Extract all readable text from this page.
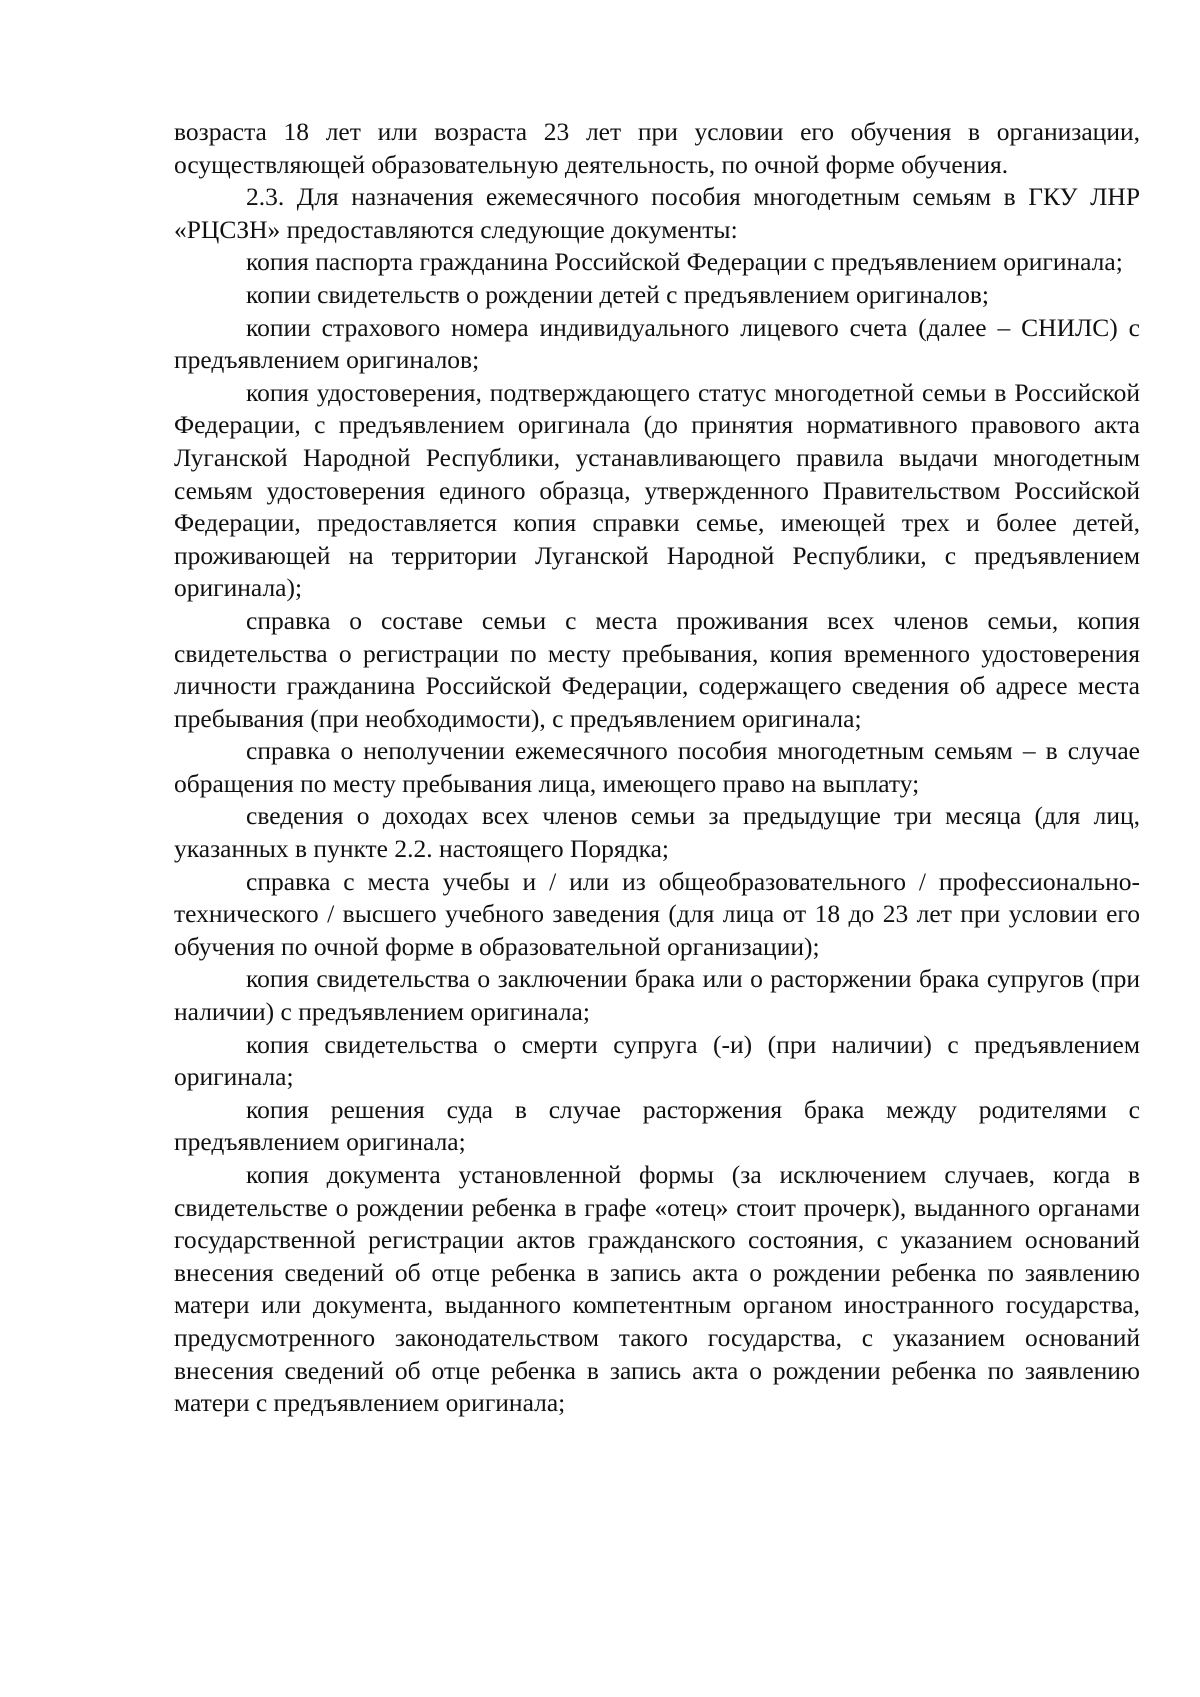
возраста 18 лет или возраста 23 лет при условии его обучения в организации, осуществляющей образовательную деятельность, по очной форме обучения.

2.3. Для назначения ежемесячного пособия многодетным семьям в ГКУ ЛНР «РЦСЗН» предоставляются следующие документы:

копия паспорта гражданина Российской Федерации с предъявлением оригинала;

копии свидетельств о рождении детей с предъявлением оригиналов;

копии страхового номера индивидуального лицевого счета (далее – СНИЛС) с предъявлением оригиналов;

копия удостоверения, подтверждающего статус многодетной семьи в Российской Федерации, с предъявлением оригинала (до принятия нормативного правового акта Луганской Народной Республики, устанавливающего правила выдачи многодетным семьям удостоверения единого образца, утвержденного Правительством Российской Федерации, предоставляется копия справки семье, имеющей трех и более детей, проживающей на территории Луганской Народной Республики, с предъявлением оригинала);

справка о составе семьи с места проживания всех членов семьи, копия свидетельства о регистрации по месту пребывания, копия временного удостоверения личности гражданина Российской Федерации, содержащего сведения об адресе места пребывания (при необходимости), с предъявлением оригинала;

справка о неполучении ежемесячного пособия многодетным семьям – в случае обращения по месту пребывания лица, имеющего право на выплату;

сведения о доходах всех членов семьи за предыдущие три месяца (для лиц, указанных в пункте 2.2. настоящего Порядка;

справка с места учебы и / или из общеобразовательного / профессионально-технического / высшего учебного заведения (для лица от 18 до 23 лет при условии его обучения по очной форме в образовательной организации);

копия свидетельства о заключении брака или о расторжении брака супругов (при наличии) с предъявлением оригинала;

копия свидетельства о смерти супруга (-и) (при наличии) с предъявлением оригинала;

копия решения суда в случае расторжения брака между родителями с предъявлением оригинала;

копия документа установленной формы (за исключением случаев, когда в свидетельстве о рождении ребенка в графе «отец» стоит прочерк), выданного органами государственной регистрации актов гражданского состояния, с указанием оснований внесения сведений об отце ребенка в запись акта о рождении ребенка по заявлению матери или документа, выданного компетентным органом иностранного государства, предусмотренного законодательством такого государства, с указанием оснований внесения сведений об отце ребенка в запись акта о рождении ребенка по заявлению матери с предъявлением оригинала;
